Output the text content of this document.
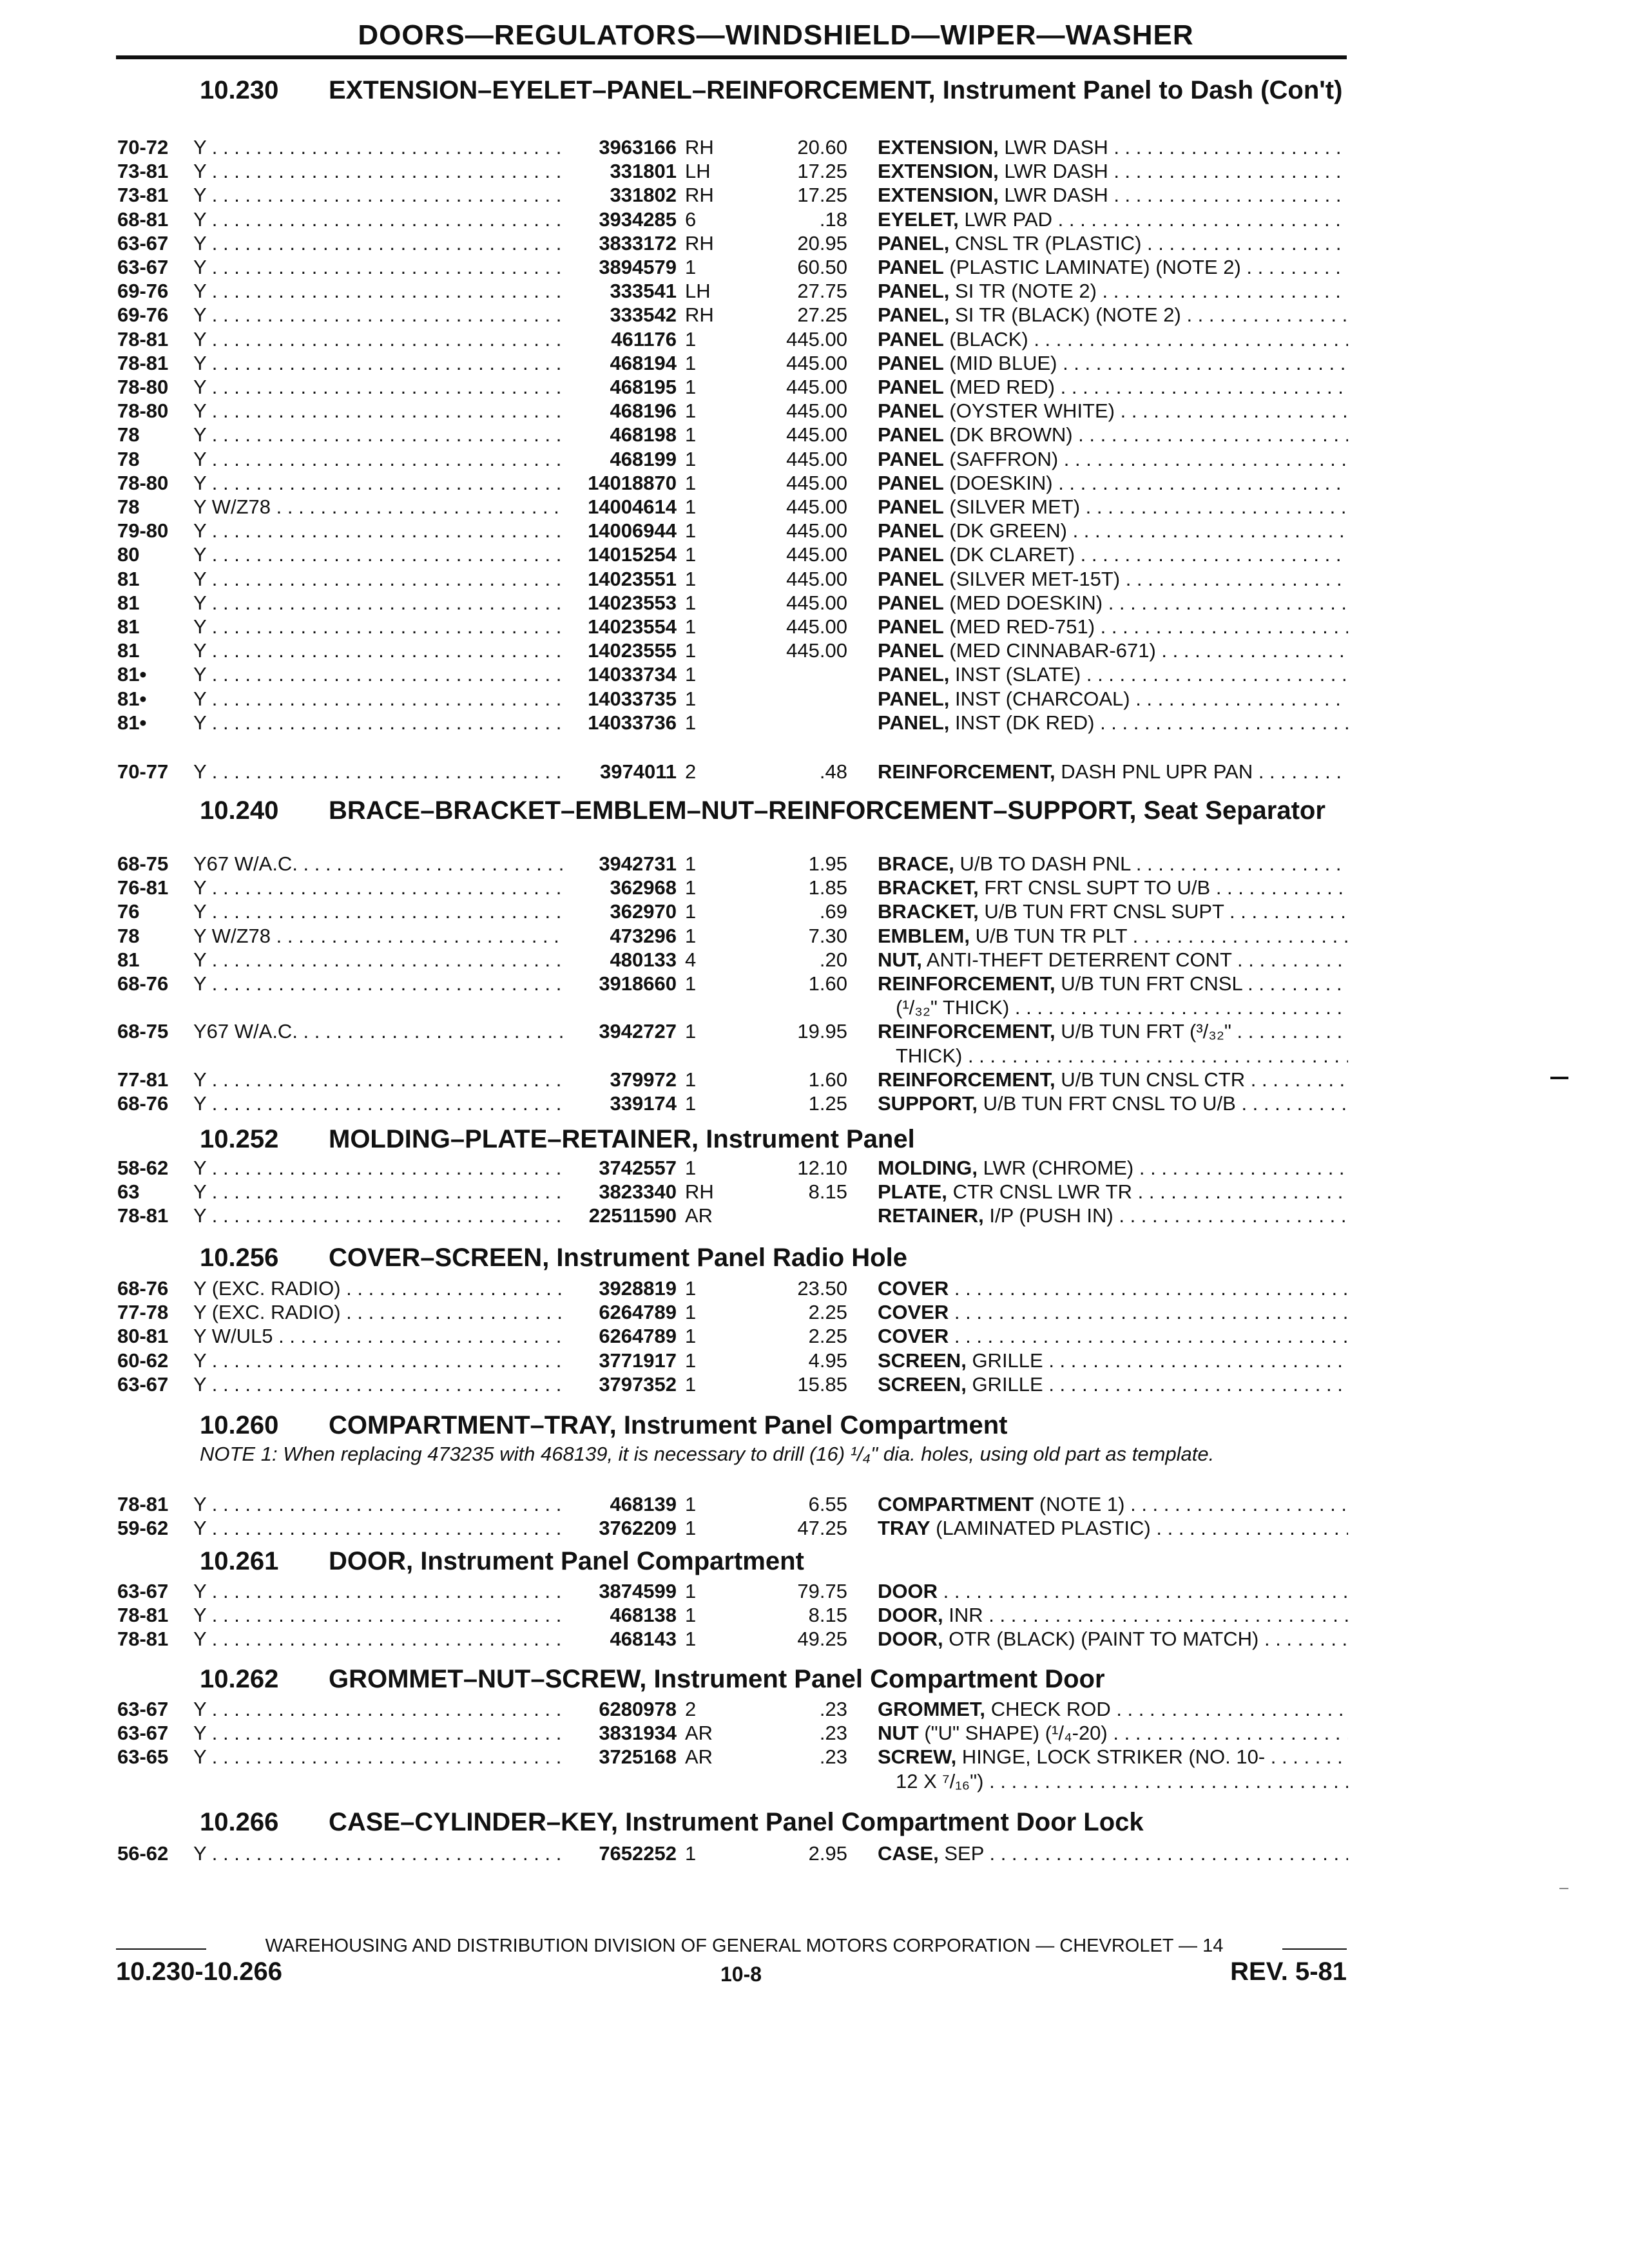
DOORS—REGULATORS—WINDSHIELD—WIPER—WASHER
10.230 EXTENSION–EYELET–PANEL–REINFORCEMENT, Instrument Panel to Dash (Con't)
70-72 Y . . .	3963166 RH	20.60 EXTENSION, LWR DASH . . .
73-81 Y . . .	331801 LH	17.25 EXTENSION, LWR DASH . . .
73-81 Y . . .	331802 RH	17.25 EXTENSION, LWR DASH . . .
68-81 Y . . .	3934285 6	.18 EYELET, LWR PAD . . .
63-67 Y . . .	3833172 RH	20.95 PANEL, CNSL TR (PLASTIC) . . .
63-67 Y . . .	3894579 1	60.50 PANEL (PLASTIC LAMINATE) (NOTE 2) . . .
69-76 Y . . .	333541 LH	27.75 PANEL, SI TR (NOTE 2) . . .
69-76 Y . . .	333542 RH	27.25 PANEL, SI TR (BLACK) (NOTE 2) . . .
78-81 Y . . .	461176 1	445.00 PANEL (BLACK) . . .
78-81 Y . . .	468194 1	445.00 PANEL (MID BLUE) . . .
78-80 Y . . .	468195 1	445.00 PANEL (MED RED) . . .
78-80 Y . . .	468196 1	445.00 PANEL (OYSTER WHITE) . . .
78	Y . . .	468198 1	445.00 PANEL (DK BROWN) . . .
78	Y . . .	468199 1	445.00 PANEL (SAFFRON) . . .
78-80 Y . . .	14018870 1	445.00 PANEL (DOESKIN) . . .
78	Y W/Z78 . . .	14004614 1	445.00 PANEL (SILVER MET) . . .
79-80 Y . . .	14006944 1	445.00 PANEL (DK GREEN) . . .
80	Y . . .	14015254 1	445.00 PANEL (DK CLARET) . . .
81	Y . . .	14023551 1	445.00 PANEL (SILVER MET-15T) . . .
81	Y . . .	14023553 1	445.00 PANEL (MED DOESKIN) . . .
81	Y . . .	14023554 1	445.00 PANEL (MED RED-751) . . .
81	Y . . .	14023555 1	445.00 PANEL (MED CINNABAR-671) . . .
81• Y . . .	14033734 1	PANEL, INST (SLATE) . . .
81• Y . . .	14033735 1	PANEL, INST (CHARCOAL) . . .
81• Y . . .	14033736 1	PANEL, INST (DK RED) . . .
70-77 Y . . .	3974011 2	.48 REINFORCEMENT, DASH PNL UPR PAN . . .
10.240 BRACE–BRACKET–EMBLEM–NUT–REINFORCEMENT–SUPPORT, Seat Separator
68-75 Y67 W/A.C. . . .	3942731 1	1.95 BRACE, U/B TO DASH PNL . . .
76-81 Y . . .	362968 1	1.85 BRACKET, FRT CNSL SUPT TO U/B . . .
76	Y . . .	362970 1	.69 BRACKET, U/B TUN FRT CNSL SUPT . . .
78	Y W/Z78 . . .	473296 1	7.30 EMBLEM, U/B TUN TR PLT . . .
81	Y . . .	480133 4	.20 NUT, ANTI-THEFT DETERRENT CONT . . .
68-76 Y . . .	3918660 1	1.60 REINFORCEMENT, U/B TUN FRT CNSL . . .
(¹/₃₂" THICK) . . .
68-75 Y67 W/A.C. . . .	3942727 1	19.95 REINFORCEMENT, U/B TUN FRT (³/₃₂" . . .
THICK) . . .
77-81 Y . . .	379972 1	1.60 REINFORCEMENT, U/B TUN CNSL CTR . . .
68-76 Y . . .	339174 1	1.25 SUPPORT, U/B TUN FRT CNSL TO U/B . . .
10.252 MOLDING–PLATE–RETAINER, Instrument Panel
58-62 Y . . .	3742557 1	12.10 MOLDING, LWR (CHROME) . . .
63	Y . . .	3823340 RH	8.15 PLATE, CTR CNSL LWR TR . . .
78-81 Y . . .	22511590 AR	RETAINER, I/P (PUSH IN) . . .
10.256 COVER–SCREEN, Instrument Panel Radio Hole
68-76 Y (EXC. RADIO) . . .	3928819 1	23.50 COVER . . .
77-78 Y (EXC. RADIO) . . .	6264789 1	2.25 COVER . . .
80-81 Y W/UL5 . . .	6264789 1	2.25 COVER . . .
60-62 Y . . .	3771917 1	4.95 SCREEN, GRILLE . . .
63-67 Y . . .	3797352 1	15.85 SCREEN, GRILLE . . .
10.260 COMPARTMENT–TRAY, Instrument Panel Compartment
NOTE 1: When replacing 473235 with 468139, it is necessary to drill (16) ¹/₄" dia. holes, using old part as template.
78-81 Y . . .	468139 1	6.55 COMPARTMENT (NOTE 1) . . .
59-62 Y . . .	3762209 1	47.25 TRAY (LAMINATED PLASTIC) . . .
10.261 DOOR, Instrument Panel Compartment
63-67 Y . . .	3874599 1	79.75 DOOR . . .
78-81 Y . . .	468138 1	8.15 DOOR, INR . . .
78-81 Y . . .	468143 1	49.25 DOOR, OTR (BLACK) (PAINT TO MATCH) . . .
10.262 GROMMET–NUT–SCREW, Instrument Panel Compartment Door
63-67 Y . . .	6280978 2	.23 GROMMET, CHECK ROD . . .
63-67 Y . . .	3831934 AR	.23 NUT ("U" SHAPE) (¹/₄-20) . . .
63-65 Y . . .	3725168 AR	.23 SCREW, HINGE, LOCK STRIKER (NO. 10- . . .
12 X ⁷/₁₆") . . .
10.266 CASE–CYLINDER–KEY, Instrument Panel Compartment Door Lock
56-62 Y . . .	7652252 1	2.95 CASE, SEP . . .
WAREHOUSING AND DISTRIBUTION DIVISION OF GENERAL MOTORS CORPORATION — CHEVROLET — 14
10.230-10.266	10-8	REV. 5-81
